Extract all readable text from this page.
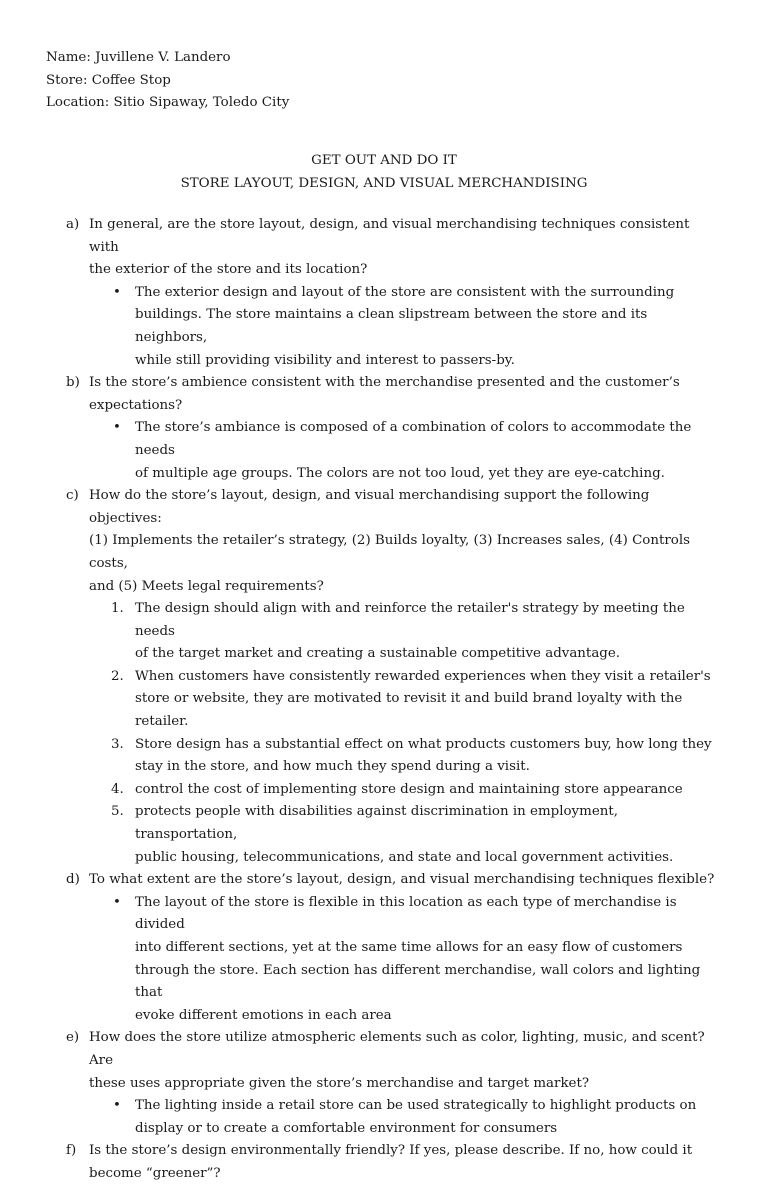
Name: Juvillene V. Landero
Store: Coffee Stop
Location: Sitio Sipaway, Toledo City
GET OUT AND DO IT
STORE LAYOUT, DESIGN, AND VISUAL MERCHANDISING
a) In general, are the store layout, design, and visual merchandising techniques consistent with
the exterior of the store and its location?
• The exterior design and layout of the store are consistent with the surrounding
buildings. The store maintains a clean slipstream between the store and its neighbors,
while still providing visibility and interest to passers-by.
b) Is the store’s ambience consistent with the merchandise presented and the customer’s
expectations?
• The store’s ambiance is composed of a combination of colors to accommodate the needs
of multiple age groups. The colors are not too loud, yet they are eye-catching.
c) How do the store’s layout, design, and visual merchandising support the following objectives:
(1) Implements the retailer’s strategy, (2) Builds loyalty, (3) Increases sales, (4) Controls costs,
and (5) Meets legal requirements?
1. The design should align with and reinforce the retailer's strategy by meeting the needs
of the target market and creating a sustainable competitive advantage.
2. When customers have consistently rewarded experiences when they visit a retailer's
store or website, they are motivated to revisit it and build brand loyalty with the
retailer.
3. Store design has a substantial effect on what products customers buy, how long they
stay in the store, and how much they spend during a visit.
4. control the cost of implementing store design and maintaining store appearance
5. protects people with disabilities against discrimination in employment, transportation,
public housing, telecommunications, and state and local government activities.
d) To what extent are the store’s layout, design, and visual merchandising techniques flexible?
• The layout of the store is flexible in this location as each type of merchandise is divided
into different sections, yet at the same time allows for an easy flow of customers
through the store. Each section has different merchandise, wall colors and lighting that
evoke different emotions in each area
e) How does the store utilize atmospheric elements such as color, lighting, music, and scent? Are
these uses appropriate given the store’s merchandise and target market?
• The lighting inside a retail store can be used strategically to highlight products on
display or to create a comfortable environment for consumers
f) Is the store’s design environmentally friendly? If yes, please describe. If no, how could it
become “greener”?
